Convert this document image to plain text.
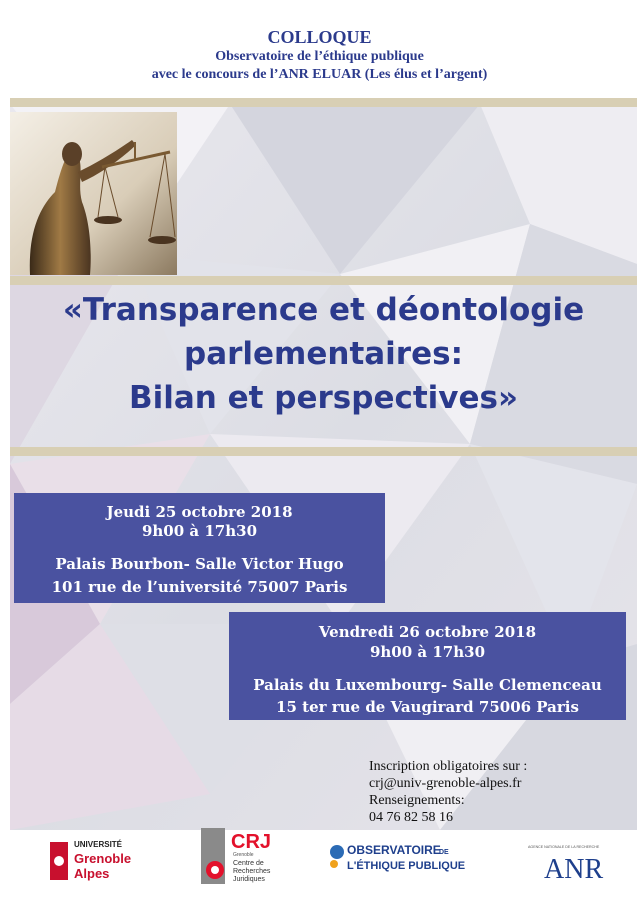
COLLOQUE
Observatoire de l’éthique publique
avec le concours de l’ANR ELUAR (Les élus et l’argent)
«Transparence et déontologie
parlementaires:
Bilan et perspectives»
Jeudi 25 octobre 2018
9h00 à 17h30
Palais Bourbon- Salle Victor Hugo
101 rue de l’université 75007 Paris
Vendredi 26 octobre 2018
9h00 à 17h30
Palais du Luxembourg- Salle Clemenceau
15 ter rue de Vaugirard 75006 Paris
Inscription obligatoires sur :
crj@univ-grenoble-alpes.fr
Renseignements:
04 76 82 58 16
UNIVERSITÉ
Grenoble
Alpes
CRJ
Grenoble
Centre de
Recherches
Juridiques
OBSERVATOIRE
DE
L'ÉTHIQUE PUBLIQUE
AGENCE NATIONALE DE LA RECHERCHE
ANR
